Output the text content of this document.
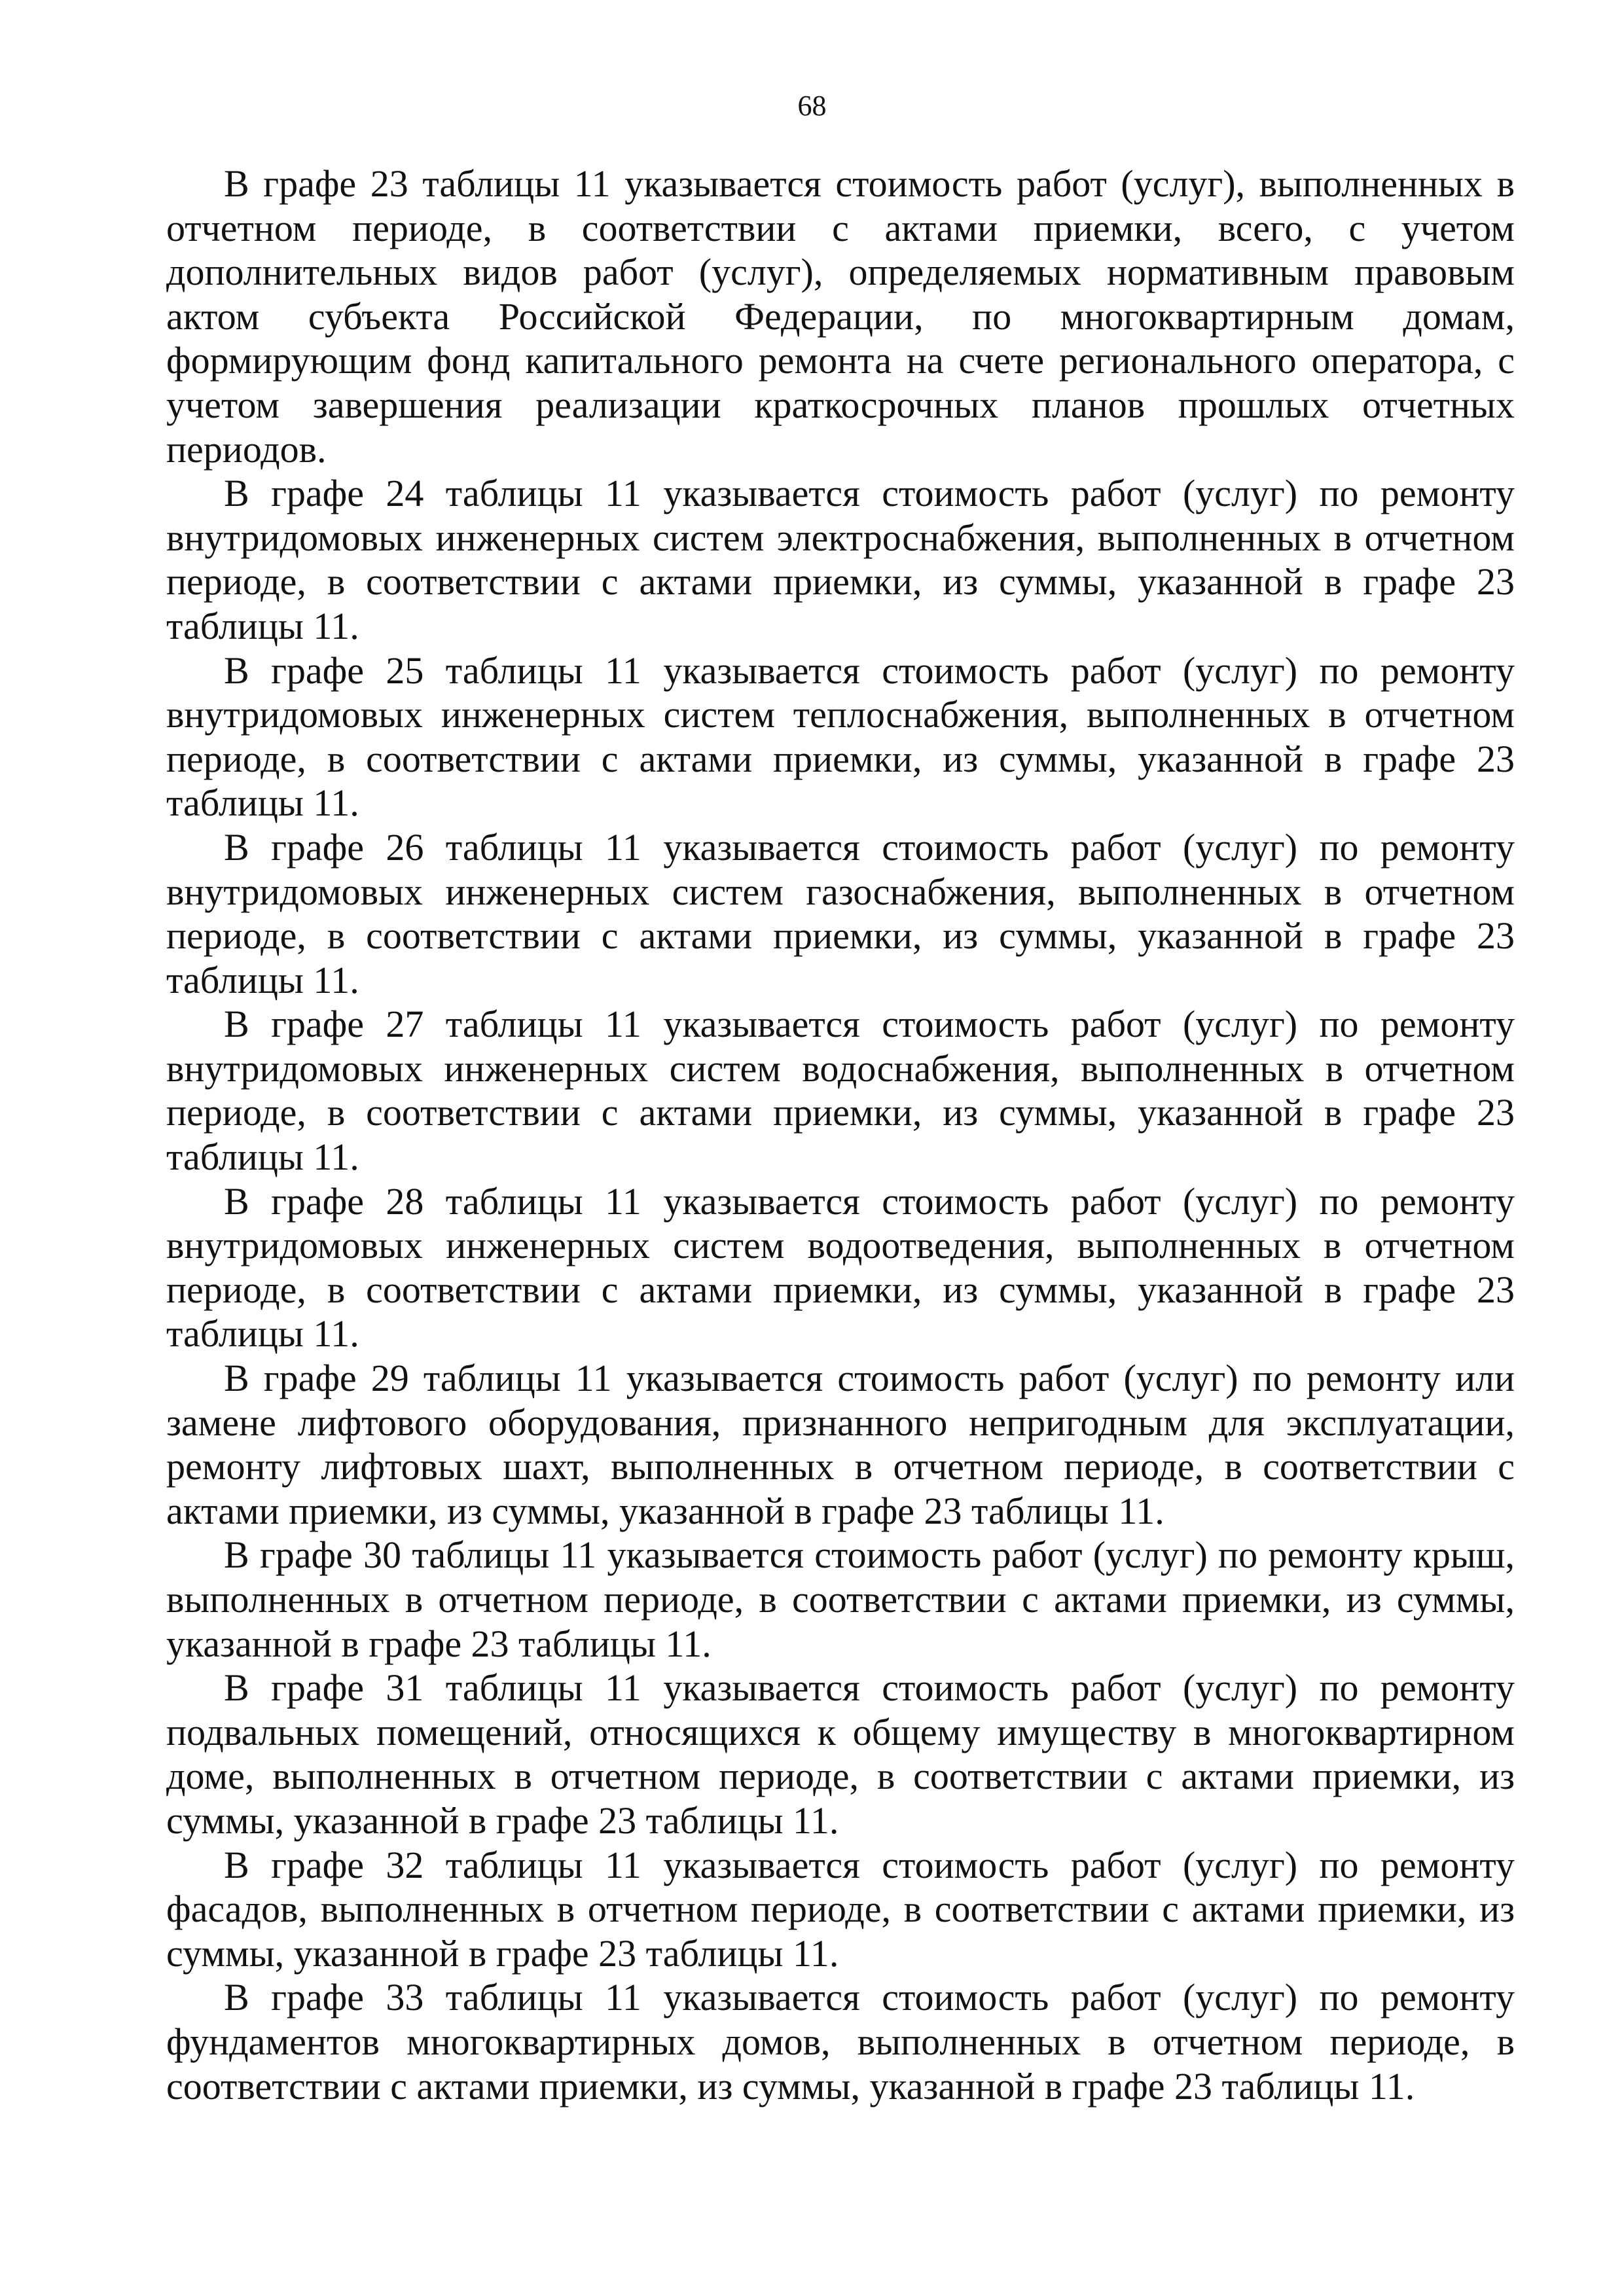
68

В графе 23 таблицы 11 указывается стоимость работ (услуг), выполненных в отчетном периоде, в соответствии с актами приемки, всего, с учетом дополнительных видов работ (услуг), определяемых нормативным правовым актом субъекта Российской Федерации, по многоквартирным домам, формирующим фонд капитального ремонта на счете регионального оператора, с учетом завершения реализации краткосрочных планов прошлых отчетных периодов.

В графе 24 таблицы 11 указывается стоимость работ (услуг) по ремонту внутридомовых инженерных систем электроснабжения, выполненных в отчетном периоде, в соответствии с актами приемки, из суммы, указанной в графе 23 таблицы 11.

В графе 25 таблицы 11 указывается стоимость работ (услуг) по ремонту внутридомовых инженерных систем теплоснабжения, выполненных в отчетном периоде, в соответствии с актами приемки, из суммы, указанной в графе 23 таблицы 11.

В графе 26 таблицы 11 указывается стоимость работ (услуг) по ремонту внутридомовых инженерных систем газоснабжения, выполненных в отчетном периоде, в соответствии с актами приемки, из суммы, указанной в графе 23 таблицы 11.

В графе 27 таблицы 11 указывается стоимость работ (услуг) по ремонту внутридомовых инженерных систем водоснабжения, выполненных в отчетном периоде, в соответствии с актами приемки, из суммы, указанной в графе 23 таблицы 11.

В графе 28 таблицы 11 указывается стоимость работ (услуг) по ремонту внутридомовых инженерных систем водоотведения, выполненных в отчетном периоде, в соответствии с актами приемки, из суммы, указанной в графе 23 таблицы 11.

В графе 29 таблицы 11 указывается стоимость работ (услуг) по ремонту или замене лифтового оборудования, признанного непригодным для эксплуатации, ремонту лифтовых шахт, выполненных в отчетном периоде, в соответствии с актами приемки, из суммы, указанной в графе 23 таблицы 11.

В графе 30 таблицы 11 указывается стоимость работ (услуг) по ремонту крыш, выполненных в отчетном периоде, в соответствии с актами приемки, из суммы, указанной в графе 23 таблицы 11.

В графе 31 таблицы 11 указывается стоимость работ (услуг) по ремонту подвальных помещений, относящихся к общему имуществу в многоквартирном доме, выполненных в отчетном периоде, в соответствии с актами приемки, из суммы, указанной в графе 23 таблицы 11.

В графе 32 таблицы 11 указывается стоимость работ (услуг) по ремонту фасадов, выполненных в отчетном периоде, в соответствии с актами приемки, из суммы, указанной в графе 23 таблицы 11.

В графе 33 таблицы 11 указывается стоимость работ (услуг) по ремонту фундаментов многоквартирных домов, выполненных в отчетном периоде, в соответствии с актами приемки, из суммы, указанной в графе 23 таблицы 11.
